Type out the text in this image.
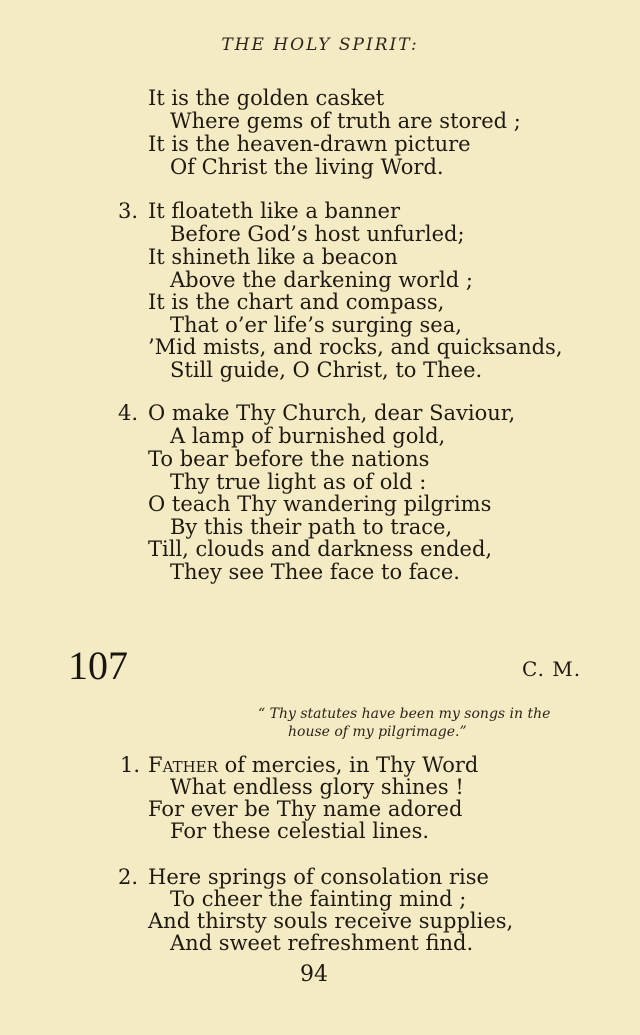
THE HOLY SPIRIT:
It is the golden casket
Where gems of truth are stored ;
It is the heaven-drawn picture
Of Christ the living Word.
3. It floateth like a banner
Before God’s host unfurled;
It shineth like a beacon
Above the darkening world ;
It is the chart and compass,
That o’er life’s surging sea,
’Mid mists, and rocks, and quicksands,
Still guide, O Christ, to Thee.
4. O make Thy Church, dear Saviour,
A lamp of burnished gold,
To bear before the nations
Thy true light as of old :
O teach Thy wandering pilgrims
By this their path to trace,
Till, clouds and darkness ended,
They see Thee face to face.
107	C. M.
“ Thy statutes have been my songs in the
house of my pilgrimage.”
1. Father of mercies, in Thy Word
What endless glory shines !
For ever be Thy name adored
For these celestial lines.
2. Here springs of consolation rise
To cheer the fainting mind ;
And thirsty souls receive supplies,
And sweet refreshment find.
94
